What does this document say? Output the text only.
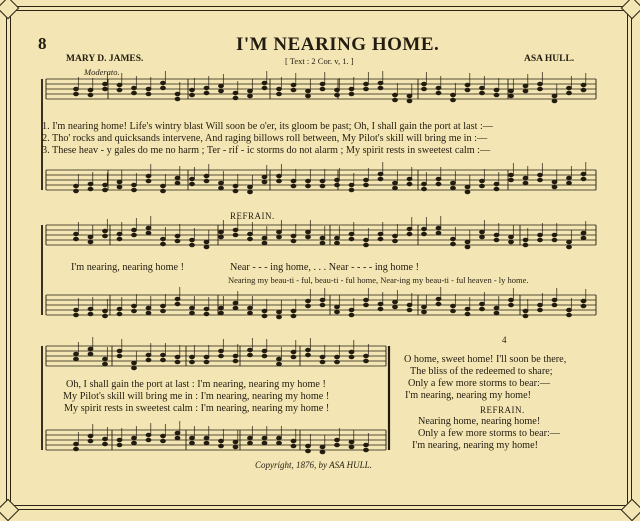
8	I'M NEARING HOME.
MARY D. JAMES.	ASA HULL.
[ Text : 2 Cor. v, 1. ]
Moderato.
1. I'm nearing home! Life's wintry blast Will soon be o'er, its gloom be past; Oh, I shall gain the port at last :—
2. Tho' rocks and quicksands intervene, And raging billows roll between, My Pilot's skill will bring me in :—
3. These heav - y gales do me no harm ; Ter - rif - ic storms do not alarm ; My spirit rests in sweetest calm :—
I'm nearing, nearing home !
REFRAIN.
Near - - - ing home, . . . Near - - - - ing home !
Nearing my beau-ti - ful, beau-ti - ful home, Near-ing my beau-ti - ful heaven - ly home.
Oh, I shall gain the port at last : I'm nearing, nearing my home !
My Pilot's skill will bring me in : I'm nearing, nearing my home !
My spirit rests in sweetest calm : I'm nearing, nearing my home !
4
O home, sweet home! I'll soon be there,
The bliss of the redeemed to share;
Only a few more storms to bear:—
I'm nearing, nearing my home!
REFRAIN.
Nearing home, nearing home!
Only a few more storms to bear:—
I'm nearing, nearing my home!
Copyright, 1876, by ASA HULL.
